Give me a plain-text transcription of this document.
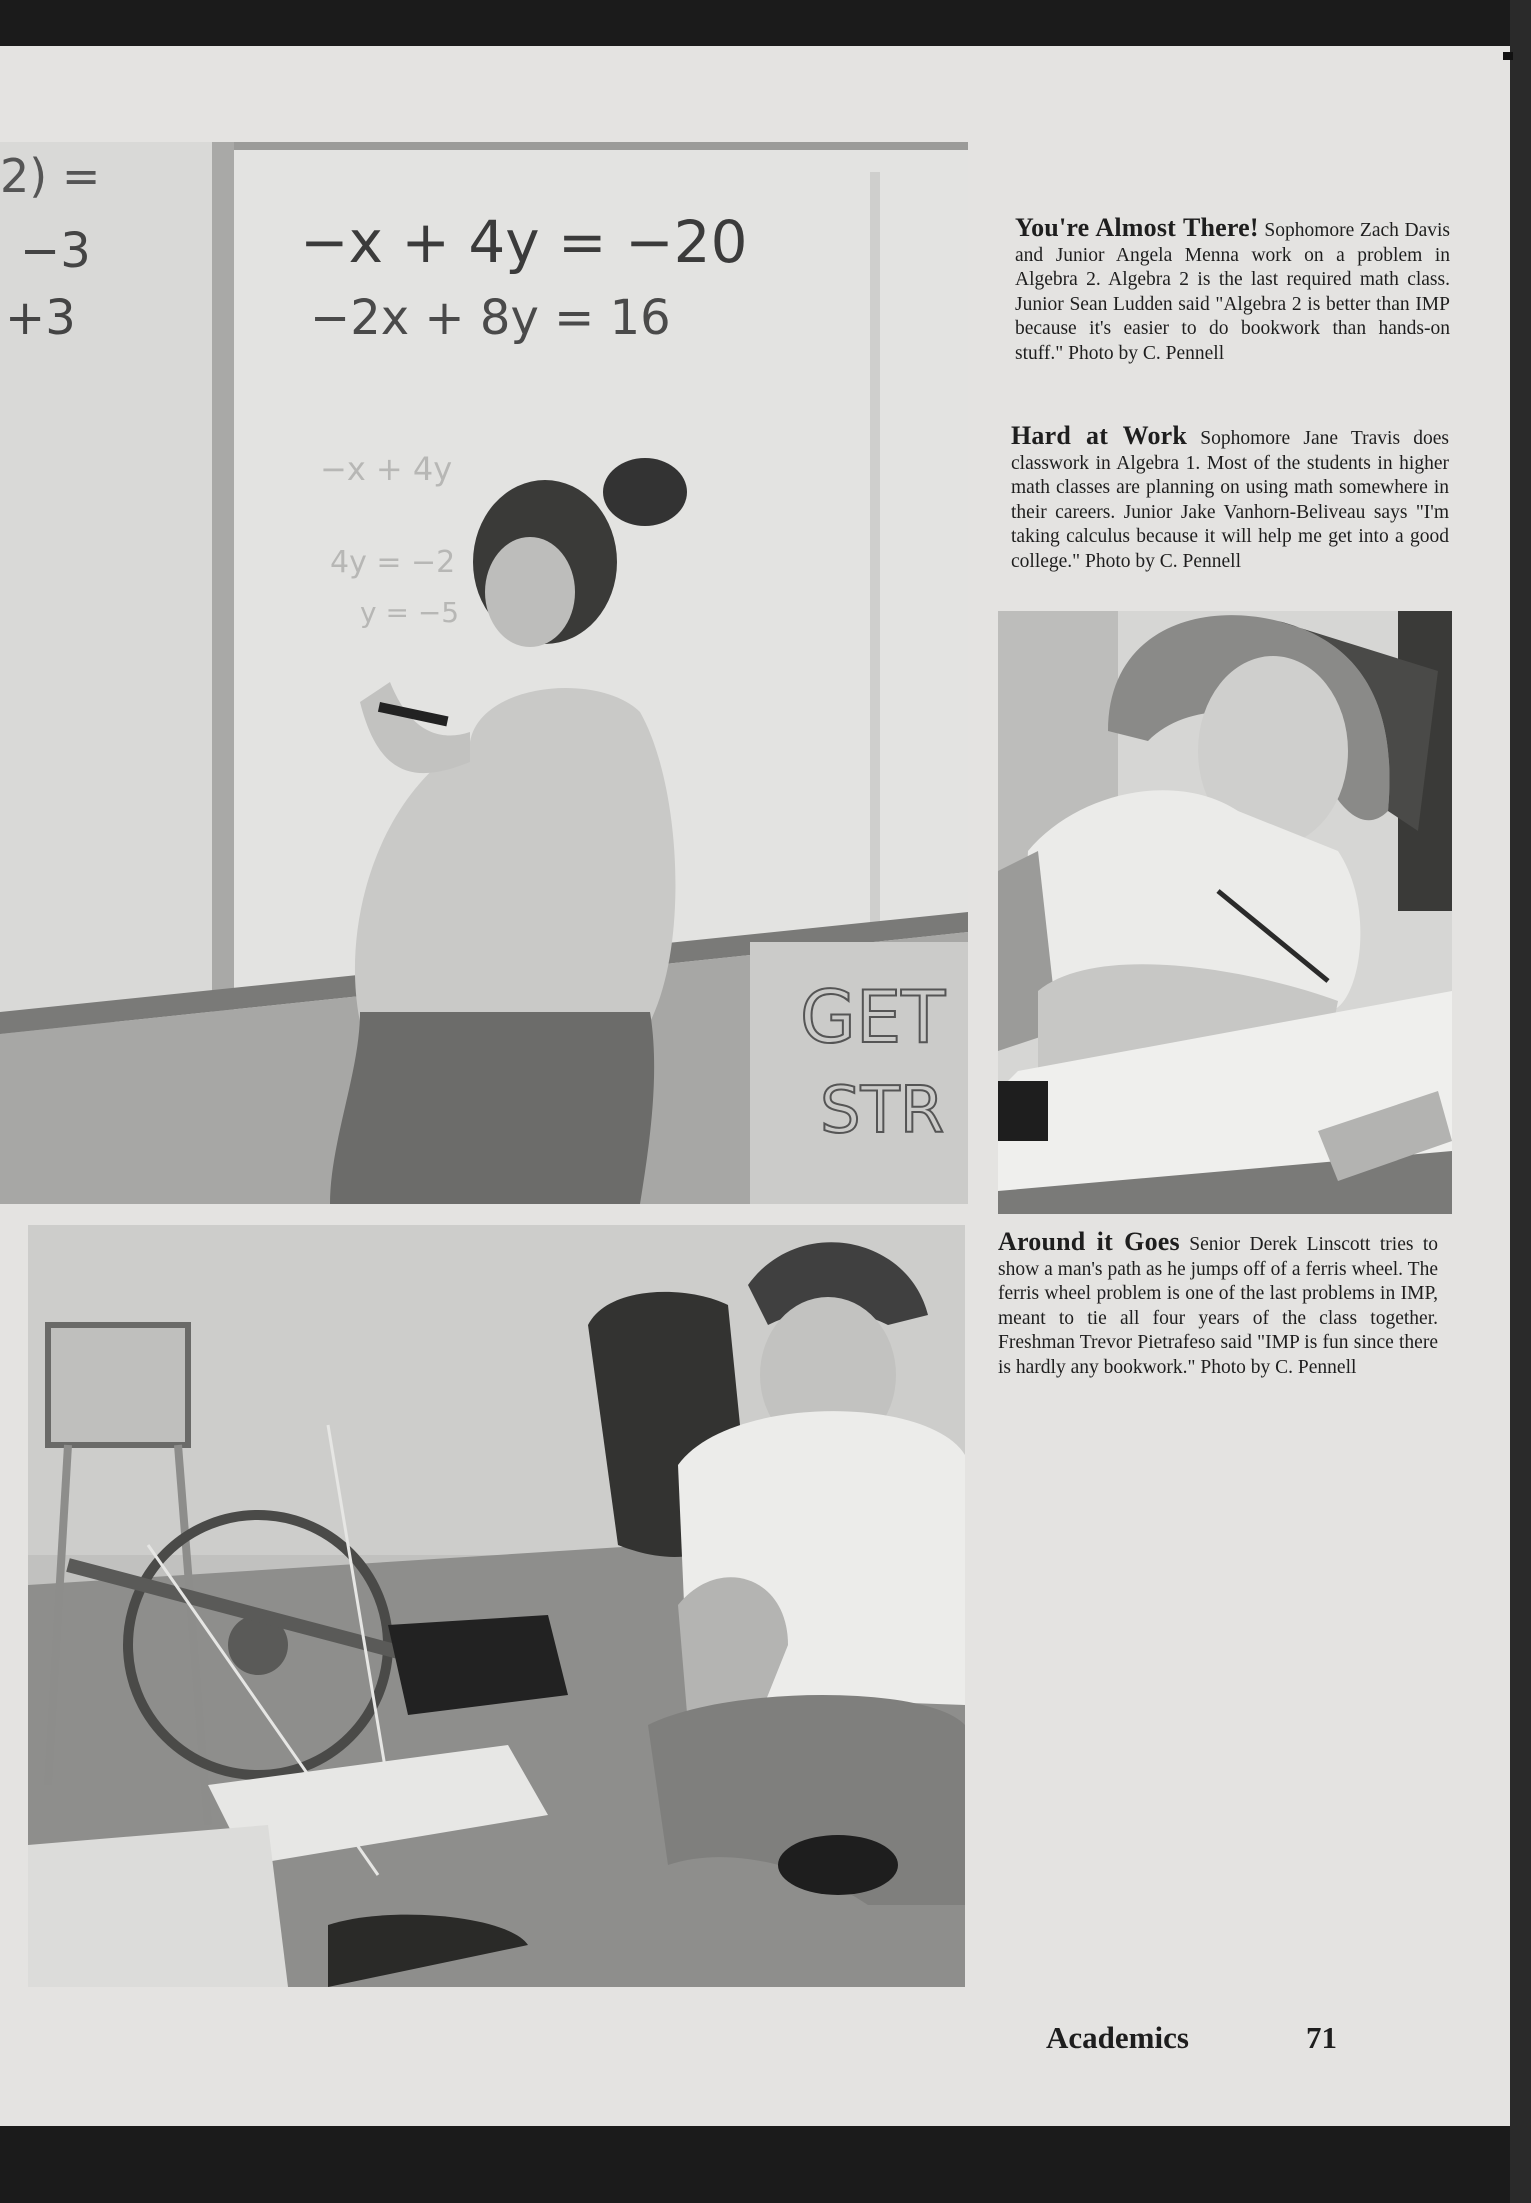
−x + 4y = −20
−2x + 8y = 16
2) =
−3
+3
−x + 4y
4y = −2
y = −5
GET
STR
You're Almost There! Sophomore Zach Davis and Junior Angela Menna work on a problem in Algebra 2. Algebra 2 is the last required math class. Junior Sean Ludden said "Algebra 2 is better than IMP because it's easier to do bookwork than hands-on stuff." Photo by C. Pennell
Hard at Work Sophomore Jane Travis does classwork in Algebra 1. Most of the students in higher math classes are planning on using math somewhere in their careers. Junior Jake Vanhorn-Beliveau says "I'm taking calculus because it will help me get into a good college." Photo by C. Pennell
Around it Goes Senior Derek Linscott tries to show a man's path as he jumps off of a ferris wheel. The ferris wheel problem is one of the last problems in IMP, meant to tie all four years of the class together. Freshman Trevor Pietrafeso said "IMP is fun since there is hardly any bookwork." Photo by C. Pennell
Academics	71
